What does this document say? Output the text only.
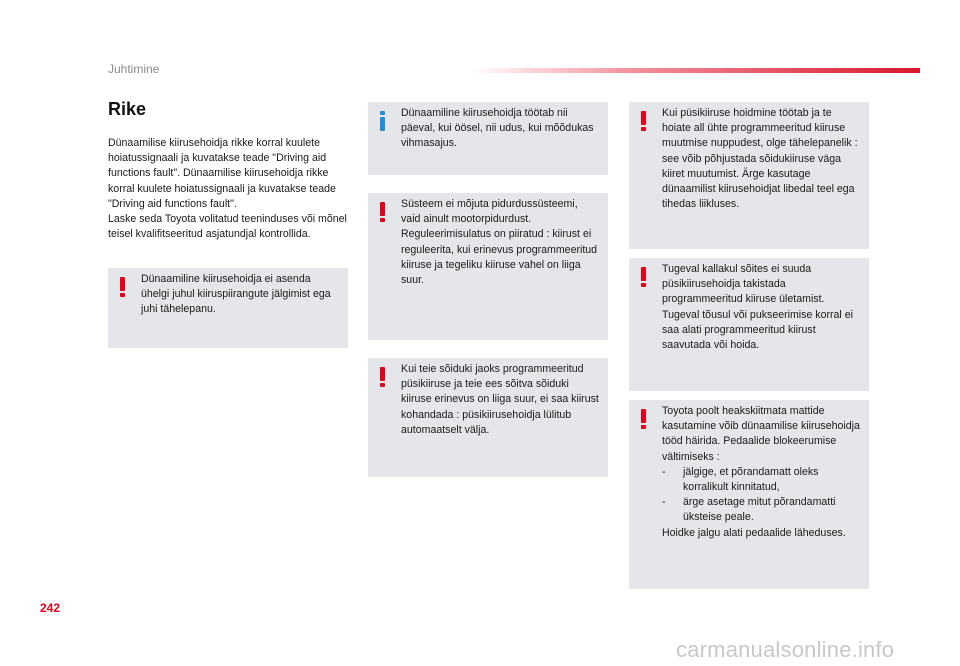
Juhtimine
Rike

Dünaamilise kiirusehoidja rikke korral kuulete hoiatussignaali ja kuvatakse teade "Driving aid functions fault". Dünaamilise kiirusehoidja rikke korral kuulete hoiatussignaali ja kuvatakse teade "Driving aid functions fault".

Laske seda Toyota volitatud teeninduses või mõnel teisel kvalifitseeritud asjatundjal kontrollida.

Dünaamiline kiirusehoidja ei asenda ühelgi juhul kiiruspiirangute jälgimist ega juhi tähelepanu.

Dünaamiline kiirusehoidja töötab nii päeval, kui öösel, nii udus, kui mõõdukas vihmasajus.

Süsteem ei mõjuta pidurdussüsteemi, vaid ainult mootorpidurdust. Reguleerimisulatus on piiratud : kiirust ei reguleerita, kui erinevus programmeeritud kiiruse ja tegeliku kiiruse vahel on liiga suur.

Kui teie sõiduki jaoks programmeeritud püsikiiruse ja teie ees sõitva sõiduki kiiruse erinevus on liiga suur, ei saa kiirust kohandada : püsikiirusehoidja lülitub automaatselt välja.

Kui püsikiiruse hoidmine töötab ja te hoiate all ühte programmeeritud kiiruse muutmise nuppudest, olge tähelepanelik : see võib põhjustada sõidukiiruse väga kiiret muutumist. Ärge kasutage dünaamilist kiirusehoidjat libedal teel ega tihedas liikluses.

Tugeval kallakul sõites ei suuda püsikiirusehoidja takistada programmeeritud kiiruse ületamist. Tugeval tõusul või pukseerimise korral ei saa alati programmeeritud kiirust saavutada või hoida.

Toyota poolt heakskiitmata mattide kasutamine võib dünaamilise kiirusehoidja tööd häirida. Pedaalide blokeerumise vältimiseks :

- jälgige, et põrandamatt oleks korralikult kinnitatud,
- ärge asetage mitut põrandamatti üksteise peale.

Hoidke jalgu alati pedaalide läheduses.

242
carmanualsonline.info
